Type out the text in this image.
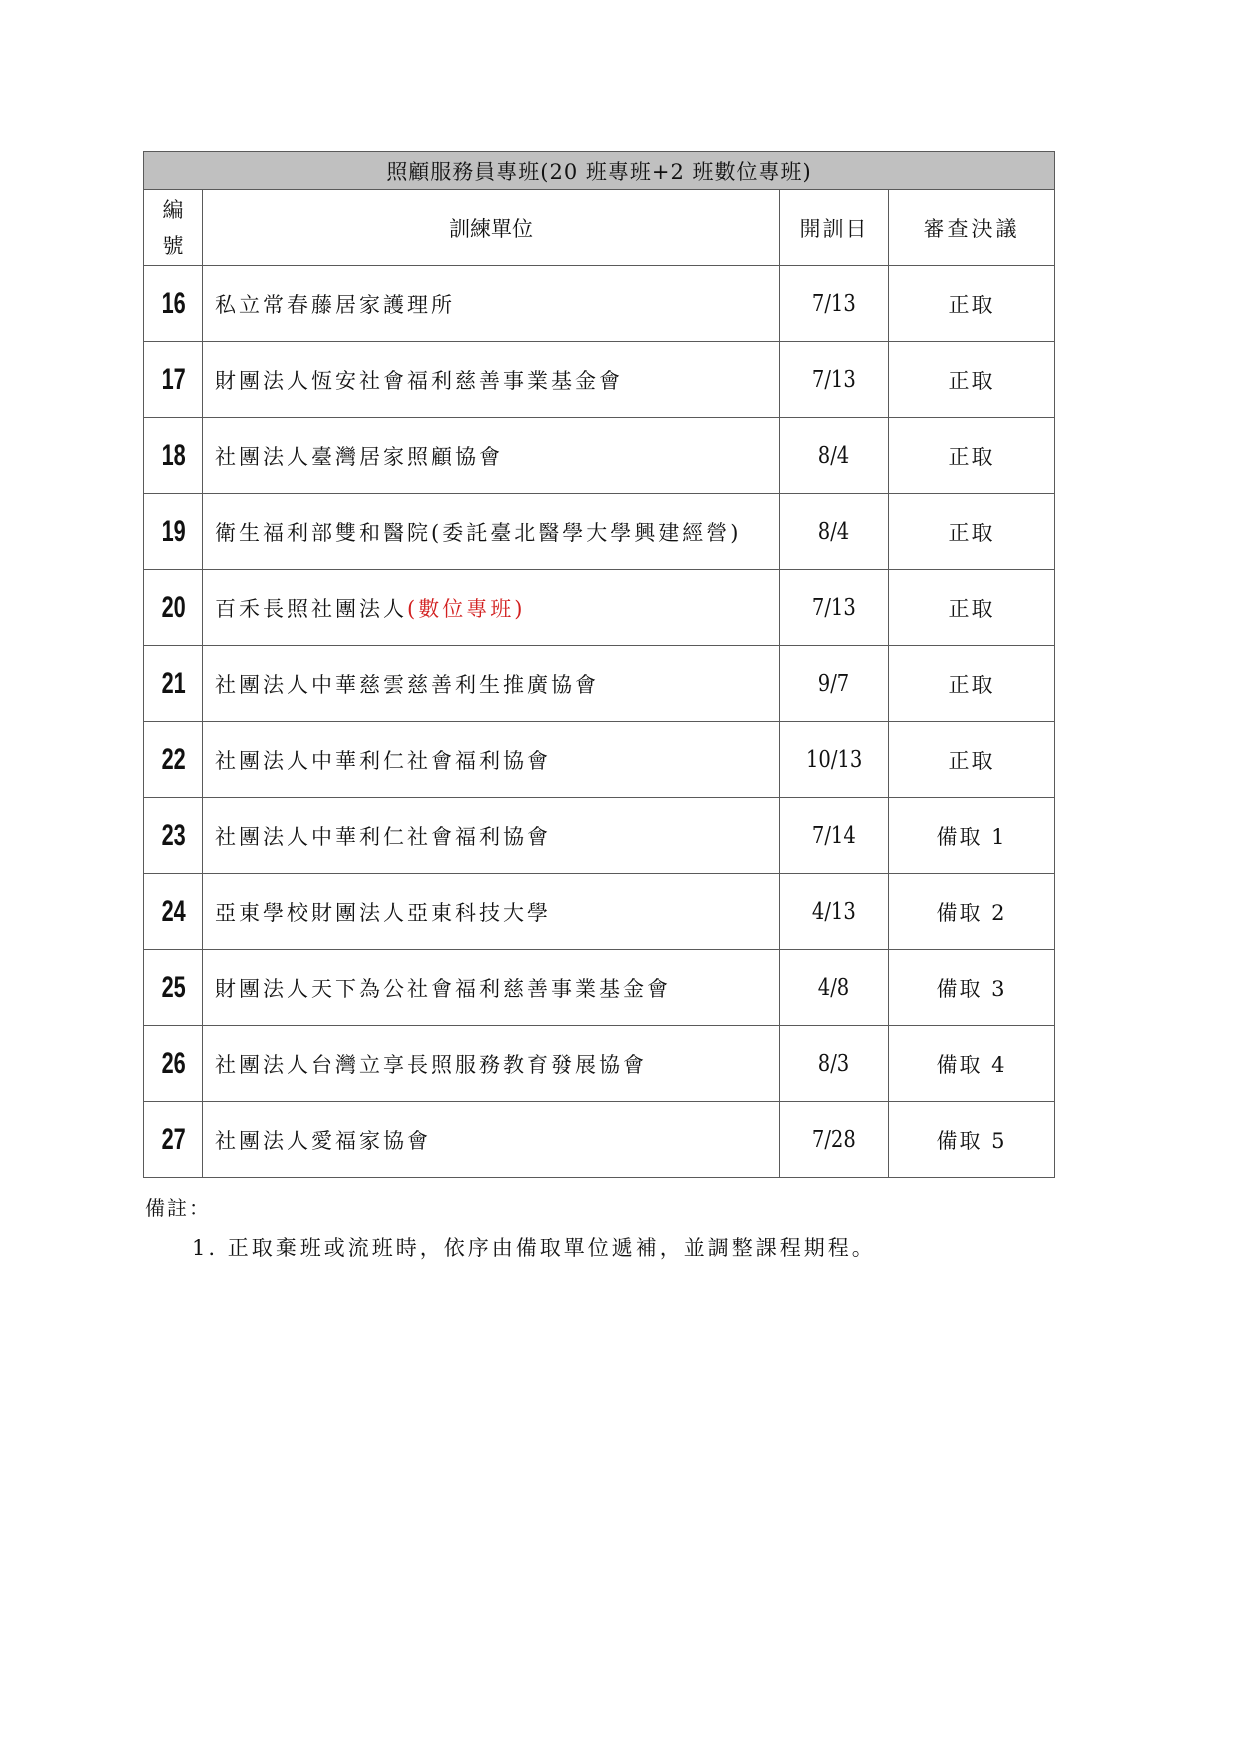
照顧服務員專班(20 班專班+2 班數位專班)			

編
號	訓練單位	開訓日	審查決議
16	私立常春藤居家護理所	7/13	正取
17	財團法人恆安社會福利慈善事業基金會	7/13	正取
18	社團法人臺灣居家照顧協會	8/4	正取
19	衛生福利部雙和醫院(委託臺北醫學大學興建經營)	8/4	正取
20	百禾長照社團法人(數位專班)	7/13	正取
21	社團法人中華慈雲慈善利生推廣協會	9/7	正取
22	社團法人中華利仁社會福利協會	10/13	正取
23	社團法人中華利仁社會福利協會	7/14	備取 1
24	亞東學校財團法人亞東科技大學	4/13	備取 2
25	財團法人天下為公社會福利慈善事業基金會	4/8	備取 3
26	社團法人台灣立享長照服務教育發展協會	8/3	備取 4
27	社團法人愛福家協會	7/28	備取 5
備註：
1. 正取棄班或流班時，依序由備取單位遞補，並調整課程期程。
